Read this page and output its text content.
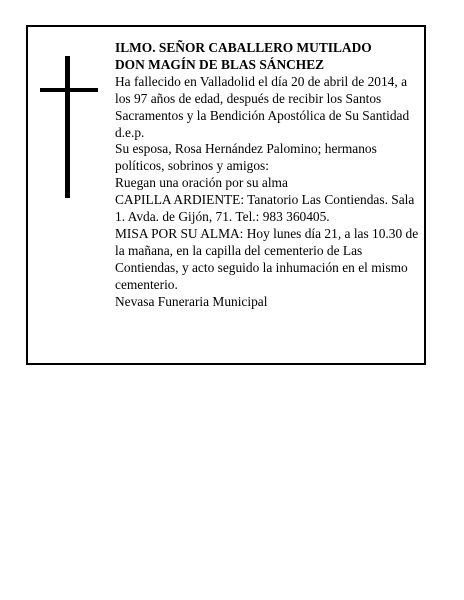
ILMO. SEÑOR CABALLERO MUTILADO
DON MAGÍN DE BLAS SÁNCHEZ

Ha fallecido en Valladolid el día 20 de abril de 2014, a los 97 años de edad, después de recibir los Santos Sacramentos y la Bendición Apostólica de Su Santidad d.e.p.

Su esposa, Rosa Hernández Palomino; hermanos políticos, sobrinos y amigos:

Ruegan una oración por su alma

CAPILLA ARDIENTE: Tanatorio Las Contiendas. Sala 1. Avda. de Gijón, 71. Tel.: 983 360405.

MISA POR SU ALMA: Hoy lunes día 21, a las 10.30 de la mañana, en la capilla del cementerio de Las Contiendas, y acto seguido la inhumación en el mismo cementerio.

Nevasa Funeraria Municipal
